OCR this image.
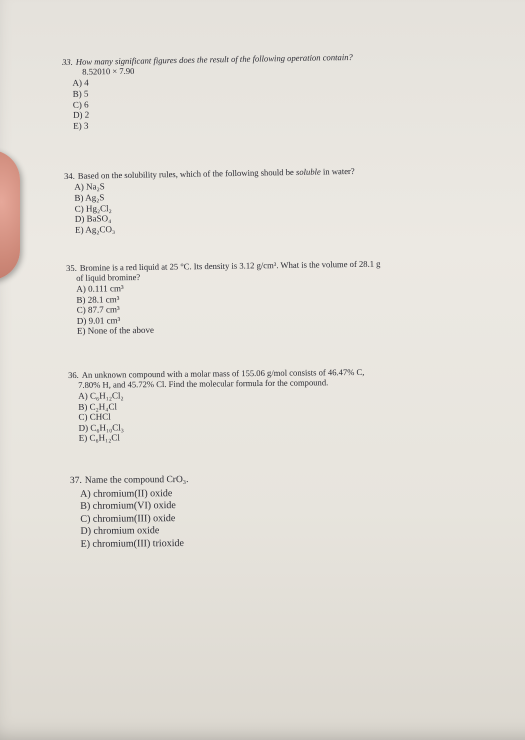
33. How many significant figures does the result of the following operation contain?
8.52010 × 7.90
A) 4
B) 5
C) 6
D) 2
E) 3
34. Based on the solubility rules, which of the following should be soluble in water?
A) Na₂S
B) Ag₂S
C) Hg₂Cl₂
D) BaSO₄
E) Ag₂CO₃
35. Bromine is a red liquid at 25 °C. Its density is 3.12 g/cm³. What is the volume of 28.1 g
of liquid bromine?
A) 0.111 cm³
B) 28.1 cm³
C) 87.7 cm³
D) 9.01 cm³
E) None of the above
36. An unknown compound with a molar mass of 155.06 g/mol consists of 46.47% C,
7.80% H, and 45.72% Cl. Find the molecular formula for the compound.
A) C₆H₁₂Cl₂
B) C₂H₄Cl
C) CHCl
D) C₆H₁₀Cl₃
E) C₆H₁₂Cl
37. Name the compound CrO₃.
A) chromium(II) oxide
B) chromium(VI) oxide
C) chromium(III) oxide
D) chromium oxide
E) chromium(III) trioxide
